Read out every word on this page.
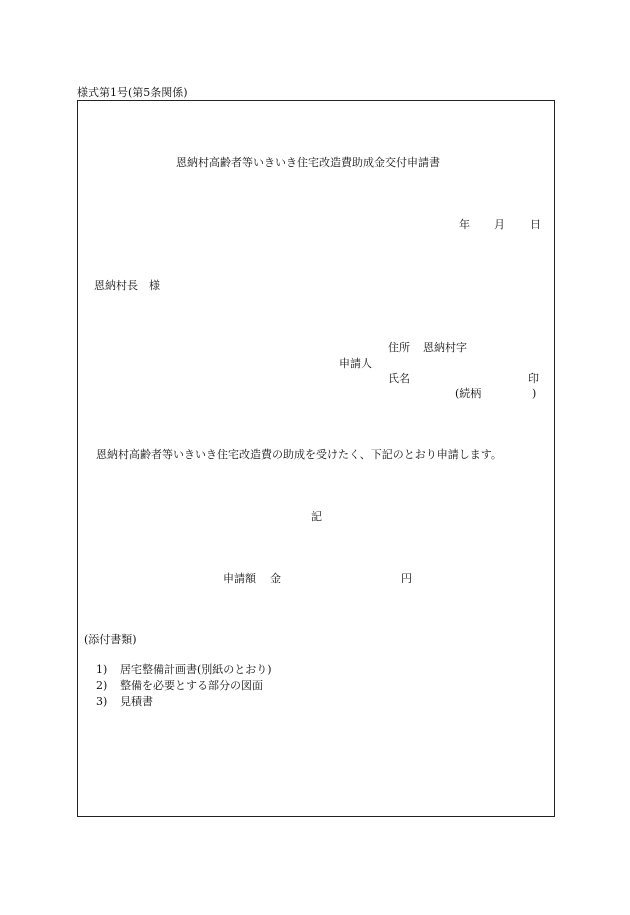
様式第1号(第5条関係)
恩納村高齢者等いきいき住宅改造費助成金交付申請書
年 月 日
恩納村長　様
住所 恩納村字
申請人
氏名	印
(続柄	)
恩納村高齢者等いきいき住宅改造費の助成を受けたく、下記のとおり申請します。
記
申請額 金	円
(添付書類)
1) 居宅整備計画書(別紙のとおり)
2) 整備を必要とする部分の図面
3) 見積書
